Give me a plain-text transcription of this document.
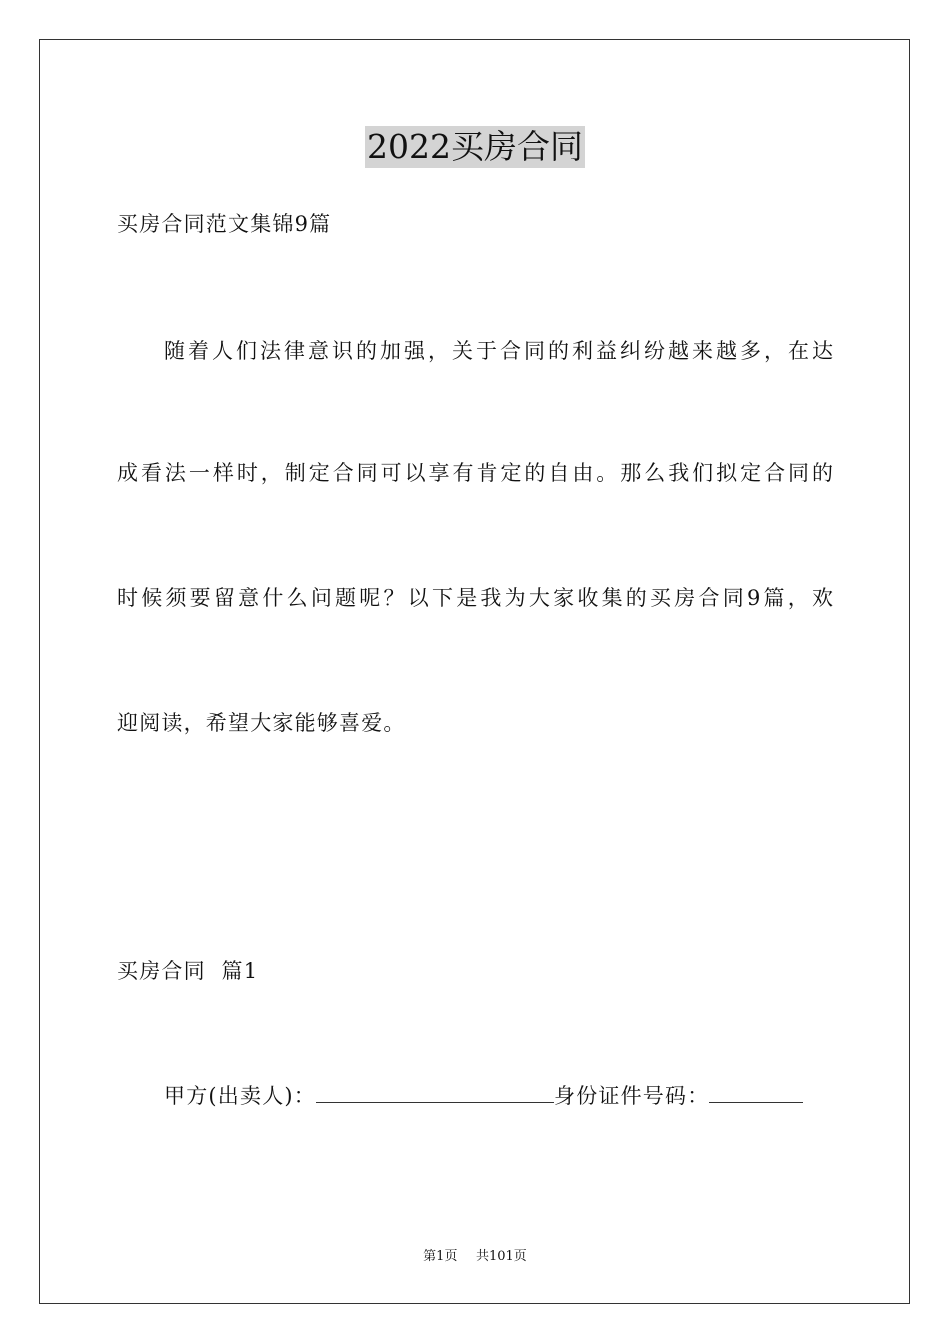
2022买房合同
买房合同范文集锦9篇
随着人们法律意识的加强，关于合同的利益纠纷越来越多，在达
成看法一样时，制定合同可以享有肯定的自由。那么我们拟定合同的
时候须要留意什么问题呢？以下是我为大家收集的买房合同9篇，欢
迎阅读，希望大家能够喜爱。
买房合同  篇1
甲方(出卖人)：	身份证件号码：
第1页 共101页
